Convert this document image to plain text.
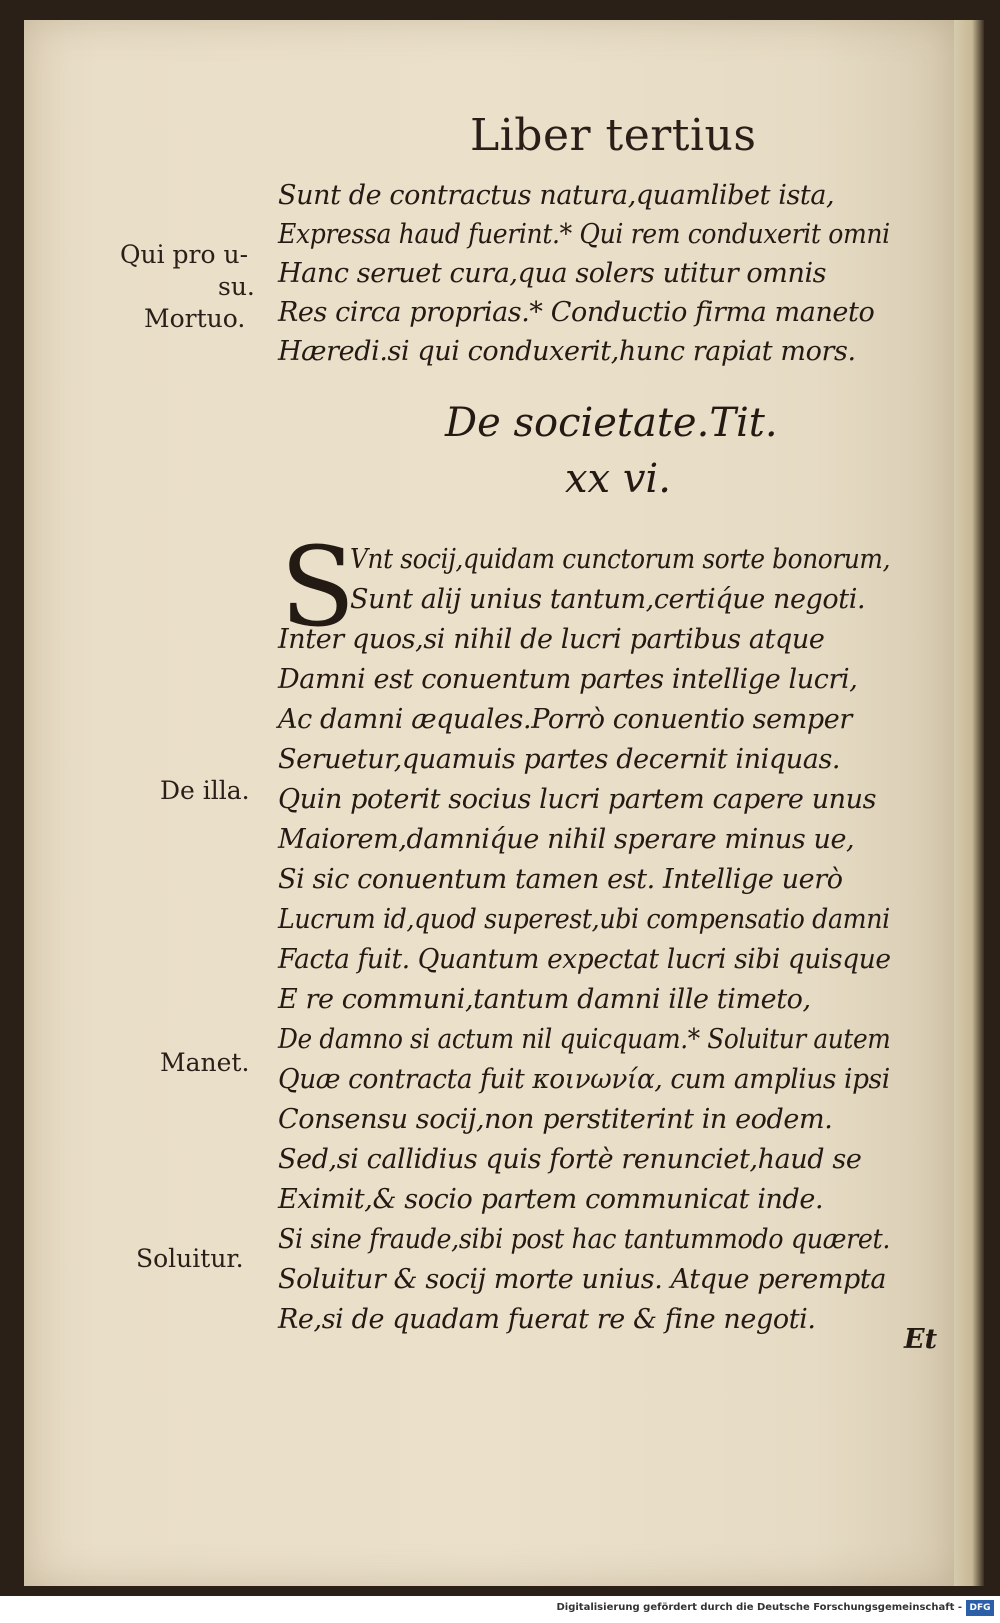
Liber tertius
Qui pro u-
su.
Mortuo.
De illa.
Manet.
Soluitur.
Sunt de contractus natura,quamlibet ista,
Expressa haud fuerint.* Qui rem conduxerit omni
Hanc seruet cura,qua solers utitur omnis
Res circa proprias.* Conductio firma maneto
Hæredi.si qui conduxerit,hunc rapiat mors.
De societate.Tit.
xx vi.
S
Vnt socij,quidam cunctorum sorte bonorum,
Sunt alij unius tantum,certiq́ue negoti.
Inter quos,si nihil de lucri partibus atque
Damni est conuentum partes intellige lucri,
Ac damni æquales.Porrò conuentio semper
Seruetur,quamuis partes decernit iniquas.
Quin poterit socius lucri partem capere unus
Maiorem,damniq́ue nihil sperare minus ue,
Si sic conuentum tamen est. Intellige uerò
Lucrum id,quod superest,ubi compensatio damni
Facta fuit. Quantum expectat lucri sibi quisque
E re communi,tantum damni ille timeto,
De damno si actum nil quicquam.* Soluitur autem
Quæ contracta fuit κοινωνία, cum amplius ipsi
Consensu socij,non perstiterint in eodem.
Sed,si callidius quis fortè renunciet,haud se
Eximit,& socio partem communicat inde.
Si sine fraude,sibi post hac tantummodo quæret.
Soluitur & socij morte unius. Atque perempta
Re,si de quadam fuerat re & fine negoti.
Et
Digitalisierung gefördert durch die Deutsche Forschungsgemeinschaft - DFG
